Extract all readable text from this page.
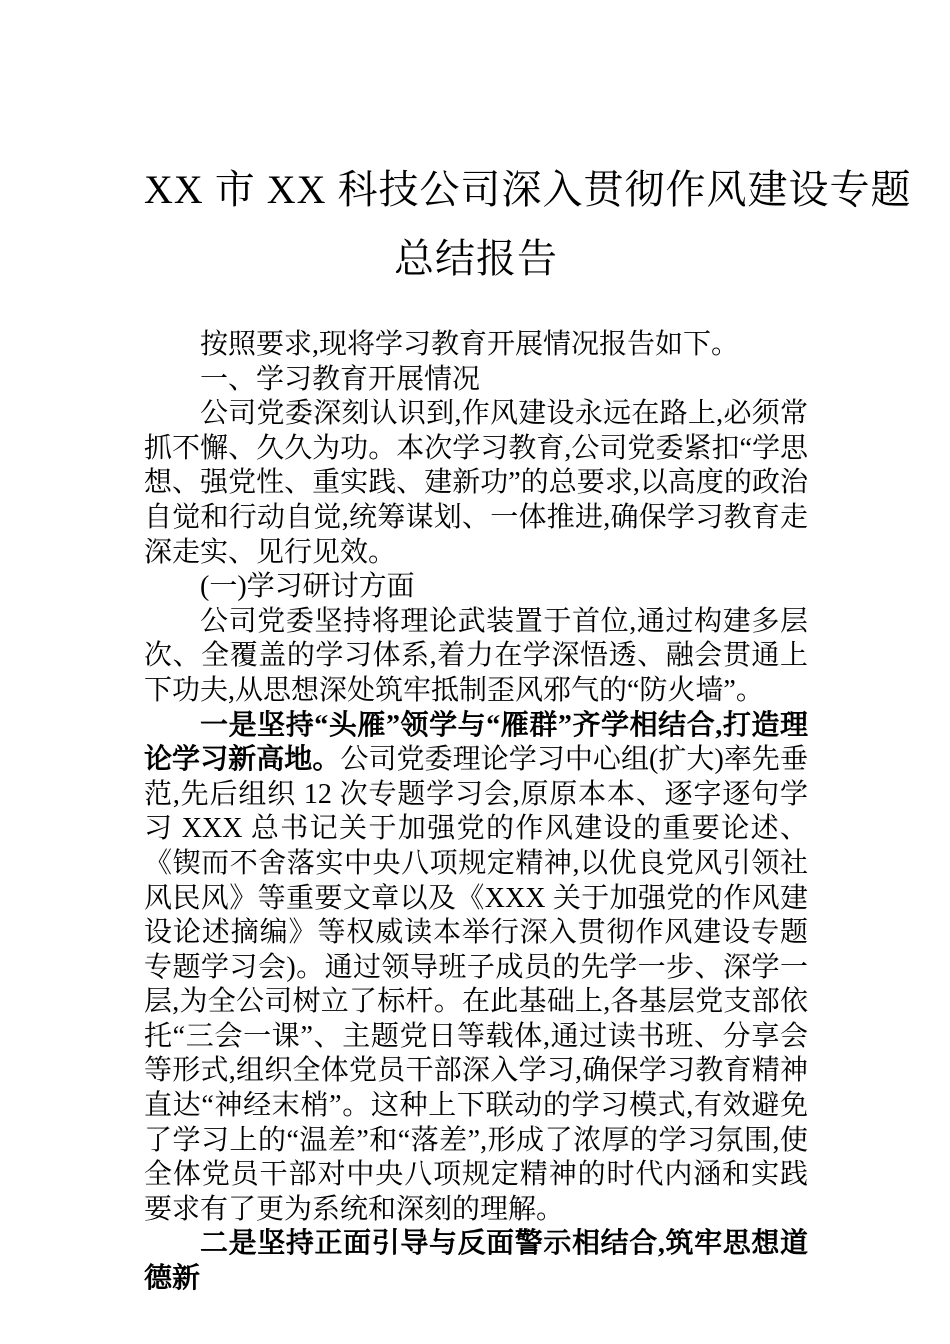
XX 市 XX 科技公司深入贯彻作风建设专题
总结报告

按照要求,现将学习教育开展情况报告如下。

一、学习教育开展情况

公司党委深刻认识到,作风建设永远在路上,必须常抓不懈、久久为功。本次学习教育,公司党委紧扣“学思想、强党性、重实践、建新功”的总要求,以高度的政治自觉和行动自觉,统筹谋划、一体推进,确保学习教育走深走实、见行见效。

(一)学习研讨方面

公司党委坚持将理论武装置于首位,通过构建多层次、全覆盖的学习体系,着力在学深悟透、融会贯通上下功夫,从思想深处筑牢抵制歪风邪气的“防火墙”。

一是坚持“头雁”领学与“雁群”齐学相结合,打造理论学习新高地。公司党委理论学习中心组(扩大)率先垂范,先后组织 12 次专题学习会,原原本本、逐字逐句学习 XXX 总书记关于加强党的作风建设的重要论述、《锲而不舍落实中央八项规定精神,以优良党风引领社风民风》等重要文章以及《XXX 关于加强党的作风建设论述摘编》等权威读本举行深入贯彻作风建设专题专题学习会)。通过领导班子成员的先学一步、深学一层,为全公司树立了标杆。在此基础上,各基层党支部依托“三会一课”、主题党日等载体,通过读书班、分享会等形式,组织全体党员干部深入学习,确保学习教育精神直达“神经末梢”。这种上下联动的学习模式,有效避免了学习上的“温差”和“落差”,形成了浓厚的学习氛围,使全体党员干部对中央八项规定精神的时代内涵和实践要求有了更为系统和深刻的理解。

二是坚持正面引导与反面警示相结合,筑牢思想道德新
